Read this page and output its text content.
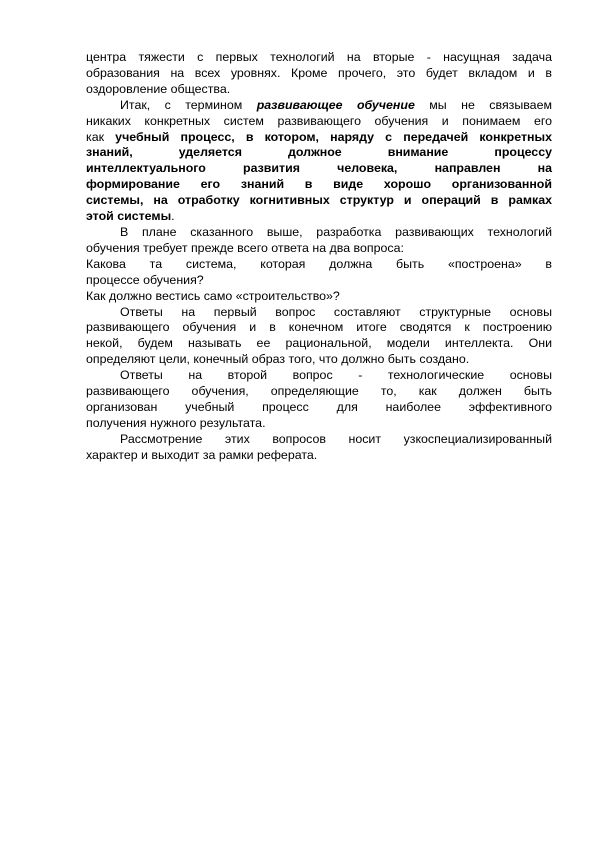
центра тяжести с первых технологий на вторые - насущная задача

образования на всех уровнях. Кроме прочего, это будет вкладом и в

оздоровление общества.

Итак, с термином развивающее обучение мы не связываем

никаких конкретных систем развивающего обучения и понимаем его

как учебный процесс, в котором, наряду с передачей конкретных

знаний, уделяется должное внимание процессу

интеллектуального развития человека, направлен на

формирование его знаний в виде хорошо организованной

системы, на отработку когнитивных структур и операций в рамках

этой системы.

В плане сказанного выше, разработка развивающих технологий

обучения требует прежде всего ответа на два вопроса:

Какова та система, которая должна быть «построена» в

процессе обучения?

Как должно вестись само «строительство»?

Ответы на первый вопрос составляют структурные основы

развивающего обучения и в конечном итоге сводятся к построению

некой, будем называть ее рациональной, модели интеллекта. Они

определяют цели, конечный образ того, что должно быть создано.

Ответы на второй вопрос - технологические основы

развивающего обучения, определяющие то, как должен быть

организован учебный процесс для наиболее эффективного

получения нужного результата.

Рассмотрение этих вопросов носит узкоспециализированный

характер и выходит за рамки реферата.
